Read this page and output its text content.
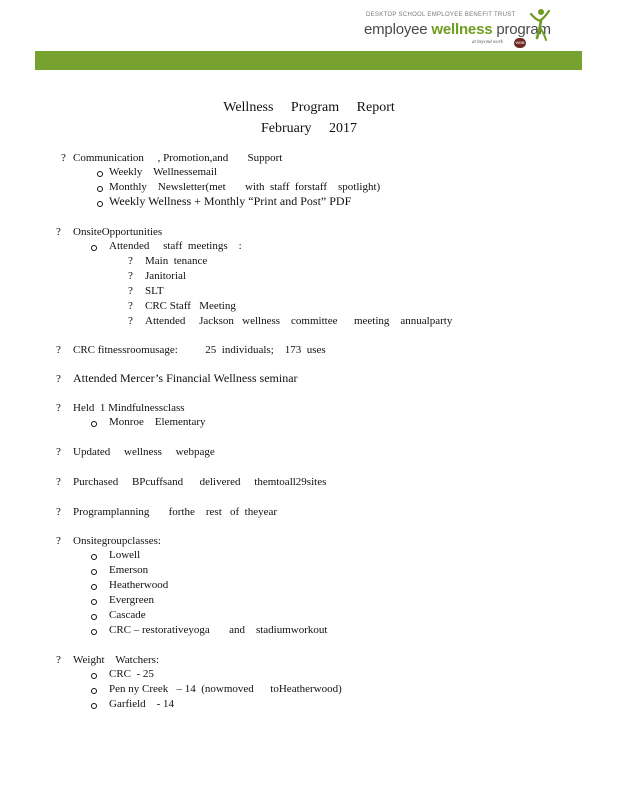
DESKTOP SCHOOL EMPLOYEE BENEFIT TRUST
employee wellness program
at beyond work	WBB
Wellness     Program     Report
February     2017
? Communication     , Promotion,and       Support
Weekly    Wellnessemail
Monthly    Newsletter(met       with  staff  forstaff    spotlight)
Weekly Wellness + Monthly “Print and Post” PDF
? OnsiteOpportunities
Attended     staff  meetings    :
? Main  tenance
? Janitorial
? SLT
? CRC Staff   Meeting
? Attended     Jackson   wellness    committee      meeting    annualparty
? CRC fitnessroomusage:          25  individuals;    173  uses
? Attended Mercer’s Financial Wellness seminar
? Held  1 Mindfulnessclass
Monroe    Elementary
? Updated     wellness     webpage
? Purchased     BPcuffsand      delivered     themtoall29sites
? Programplanning       forthe    rest   of  theyear
? Onsitegroupclasses:
Lowell
Emerson
Heatherwood
Evergreen
Cascade
CRC – restorativeyoga       and    stadiumworkout
? Weight    Watchers:
CRC  - 25
Pen ny Creek   – 14  (nowmoved      toHeatherwood)
Garfield    - 14
